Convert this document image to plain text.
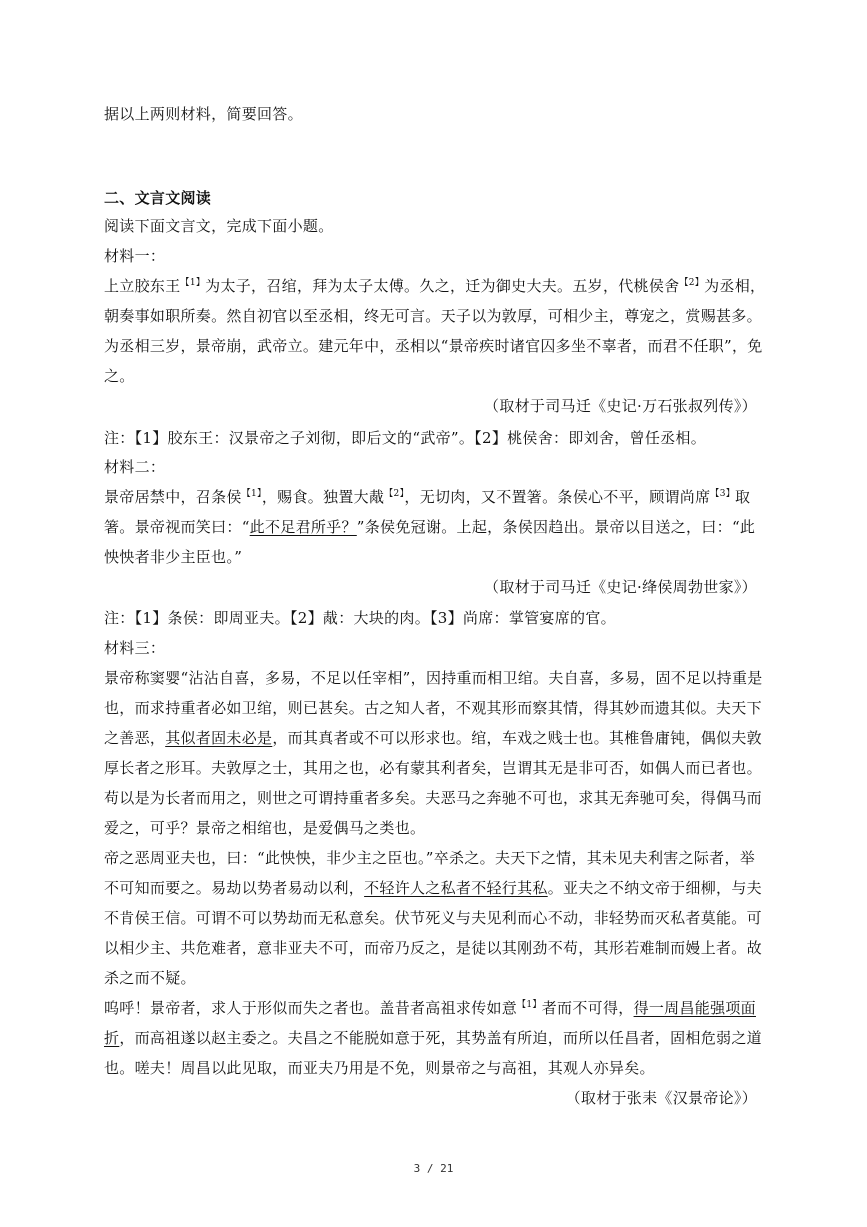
据以上两则材料，简要回答。
二、文言文阅读
阅读下面文言文，完成下面小题。
材料一：
上立胶东王$^{【1】}$为太子，召绾，拜为太子太傅。久之，迁为御史大夫。五岁，代桃侯舍$^{【2】}$为丞相，
朝奏事如职所奏。然自初官以至丞相，终无可言。天子以为敦厚，可相少主，尊宠之，赏赐甚多。
为丞相三岁，景帝崩，武帝立。建元年中，丞相以“景帝疾时诸官囚多坐不辜者，而君不任职”，免
之。
（取材于司马迁《史记·万石张叔列传》）
注：【1】胶东王：汉景帝之子刘彻，即后文的“武帝”。【2】桃侯舍：即刘舍，曾任丞相。
材料二：
景帝居禁中，召条侯$^{【1】}$，赐食。独置大胾$^{【2】}$，无切肉，又不置箸。条侯心不平，顾谓尚席$^{【3】}$取
箸。景帝视而笑曰：“此不足君所乎？”条侯免冠谢。上起，条侯因趋出。景帝以目送之，曰：“此
怏怏者非少主臣也。”
（取材于司马迁《史记·绛侯周勃世家》）
注：【1】条侯：即周亚夫。【2】胾：大块的肉。【3】尚席：掌管宴席的官。
材料三：
景帝称窦婴“沾沾自喜，多易，不足以任宰相”，因持重而相卫绾。夫自喜，多易，固不足以持重是
也，而求持重者必如卫绾，则已甚矣。古之知人者，不观其形而察其情，得其妙而遗其似。夫天下
之善恶，其似者固未必是，而其真者或不可以形求也。绾，车戏之贱士也。其椎鲁庸钝，偶似夫敦
厚长者之形耳。夫敦厚之士，其用之也，必有蒙其利者矣，岂谓其无是非可否，如偶人而已者也。
苟以是为长者而用之，则世之可谓持重者多矣。夫恶马之奔驰不可也，求其无奔驰可矣，得偶马而
爱之，可乎？景帝之相绾也，是爱偶马之类也。
帝之恶周亚夫也，曰：“此怏怏，非少主之臣也。”卒杀之。夫天下之情，其未见夫利害之际者，举
不可知而要之。易劫以势者易动以利，不轻许人之私者不轻行其私。亚夫之不纳文帝于细柳，与夫
不肯侯王信。可谓不可以势劫而无私意矣。伏节死义与夫见利而心不动，非轻势而灭私者莫能。可
以相少主、共危难者，意非亚夫不可，而帝乃反之，是徒以其刚劲不苟，其形若难制而嫚上者。故
杀之而不疑。
呜呼！景帝者，求人于形似而失之者也。盖昔者高祖求传如意$^{【1】}$者而不可得，得一周昌能强项面
折，而高祖遂以赵主委之。夫昌之不能脱如意于死，其势盖有所迫，而所以任昌者，固相危弱之道
也。嗟夫！周昌以此见取，而亚夫乃用是不免，则景帝之与高祖，其观人亦异矣。
（取材于张耒《汉景帝论》）
3 / 21
